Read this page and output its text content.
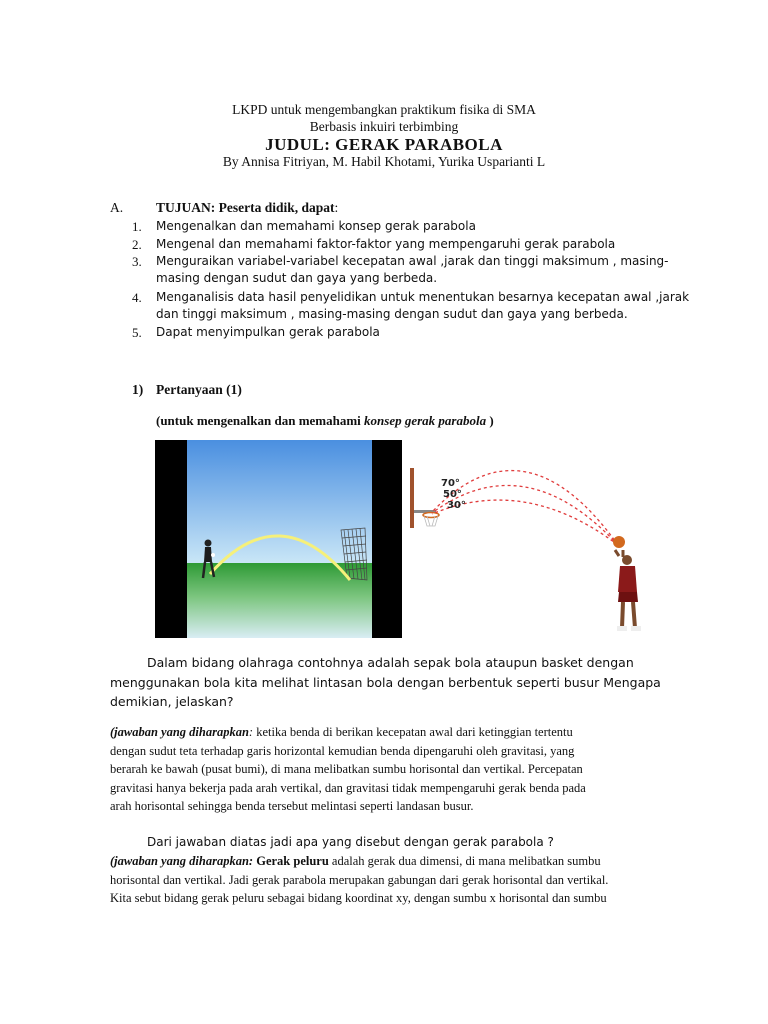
LKPD untuk mengembangkan praktikum fisika di SMA
Berbasis inkuiri terbimbing
JUDUL: GERAK PARABOLA
By Annisa Fitriyan, M. Habil Khotami, Yurika Usparianti L
A. TUJUAN: Peserta didik, dapat:
1.	Mengenalkan dan memahami konsep gerak parabola
2. Mengenal dan memahami faktor-faktor yang mempengaruhi gerak parabola
3. Menguraikan variabel-variabel kecepatan awal ,jarak dan tinggi maksimum , masing-
masing dengan sudut dan gaya yang berbeda.
4. Menganalisis data hasil penyelidikan untuk menentukan besarnya kecepatan awal ,jarak
dan tinggi maksimum , masing-masing dengan sudut dan gaya yang berbeda.
5. Dapat menyimpulkan gerak parabola
1) Pertanyaan (1)
(untuk mengenalkan dan memahami konsep gerak parabola )
70°
50°
30°
Dalam bidang olahraga contohnya adalah sepak bola ataupun basket dengan
menggunakan bola kita melihat lintasan bola dengan berbentuk seperti busur Mengapa
demikian, jelaskan?
(jawaban yang diharapkan: ketika benda di berikan kecepatan awal dari ketinggian tertentu
dengan sudut teta terhadap garis horizontal kemudian benda dipengaruhi oleh gravitasi, yang
berarah ke bawah (pusat bumi), di mana melibatkan sumbu horisontal dan vertikal. Percepatan
gravitasi hanya bekerja pada arah vertikal, dan gravitasi tidak mempengaruhi gerak benda pada
arah horisontal sehingga benda tersebut melintasi seperti landasan busur.
Dari jawaban diatas jadi apa yang disebut dengan gerak parabola ?
(jawaban yang diharapkan: Gerak peluru adalah gerak dua dimensi, di mana melibatkan sumbu
horisontal dan vertikal. Jadi gerak parabola merupakan gabungan dari gerak horisontal dan vertikal.
Kita sebut bidang gerak peluru sebagai bidang koordinat xy, dengan sumbu x horisontal dan sumbu
